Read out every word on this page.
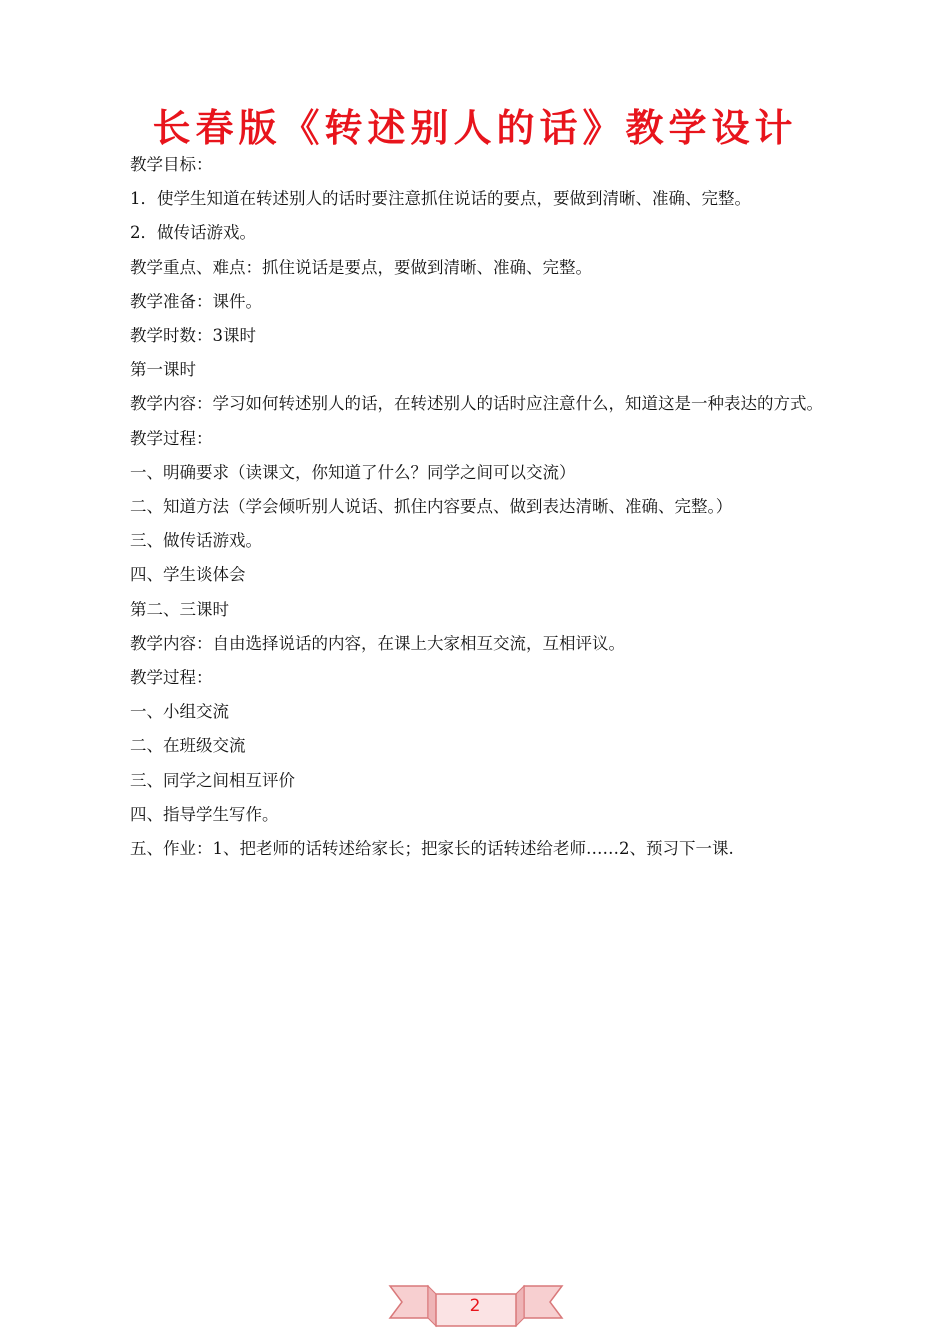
长春版《转述别人的话》教学设计

教学目标：

1．使学生知道在转述别人的话时要注意抓住说话的要点，要做到清晰、准确、完整。

2．做传话游戏。

教学重点、难点：抓住说话是要点，要做到清晰、准确、完整。

教学准备：课件。

教学时数：3课时

第一课时

教学内容：学习如何转述别人的话，在转述别人的话时应注意什么，知道这是一种表达的方式。

教学过程：

一、明确要求（读课文，你知道了什么？同学之间可以交流）

二、知道方法（学会倾听别人说话、抓住内容要点、做到表达清晰、准确、完整。）

三、做传话游戏。

四、学生谈体会

第二、三课时

教学内容：自由选择说话的内容，在课上大家相互交流，互相评议。

教学过程：

一、小组交流

二、在班级交流

三、同学之间相互评价

四、指导学生写作。

五、作业：1、把老师的话转述给家长；把家长的话转述给老师……2、预习下一课.

2
